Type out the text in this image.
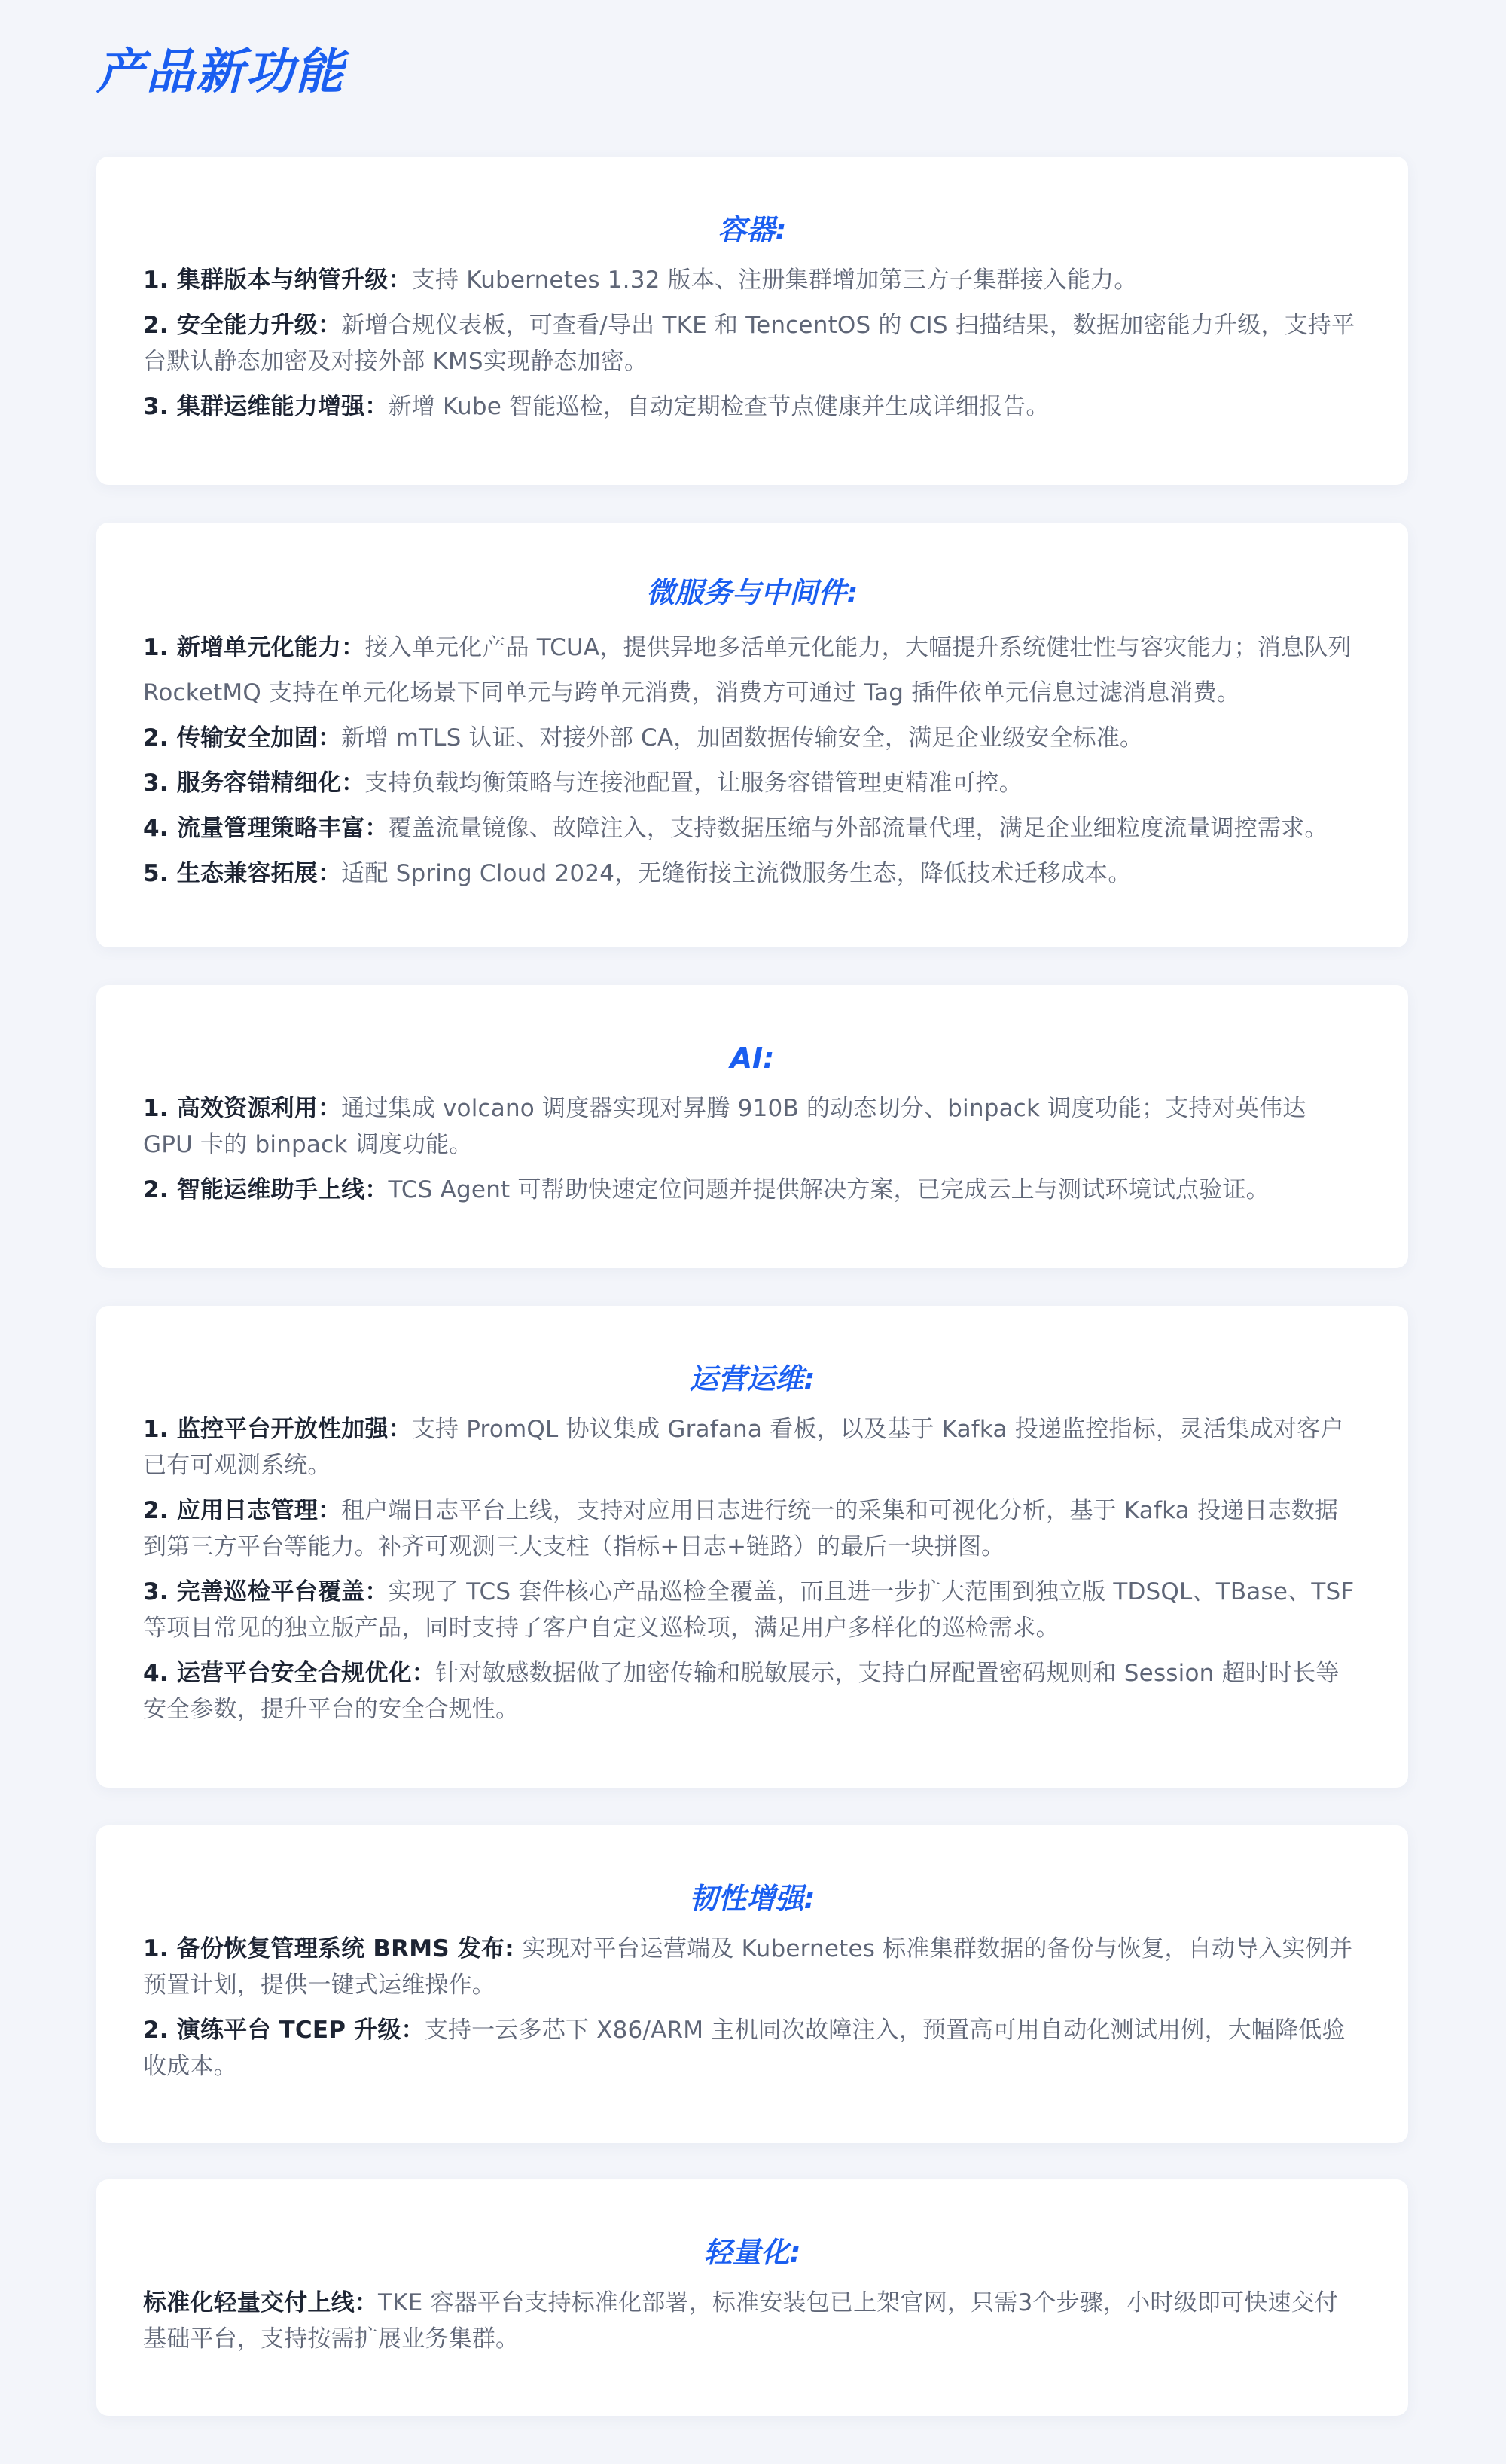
产品新功能
容器:
1. 集群版本与纳管升级：支持 Kubernetes 1.32 版本、注册集群增加第三方子集群接入能力。
2. 安全能力升级：新增合规仪表板，可查看/导出 TKE 和 TencentOS 的 CIS 扫描结果，数据加密能力升级，支持平台默认静态加密及对接外部 KMS实现静态加密。
3. 集群运维能力增强：新增 Kube 智能巡检，自动定期检查节点健康并生成详细报告。
微服务与中间件:
1. 新增单元化能力：接入单元化产品 TCUA，提供异地多活单元化能力，大幅提升系统健壮性与容灾能力；消息队列 RocketMQ 支持在单元化场景下同单元与跨单元消费，消费方可通过 Tag 插件依单元信息过滤消息消费。
2. 传输安全加固：新增 mTLS 认证、对接外部 CA，加固数据传输安全，满足企业级安全标准。
3. 服务容错精细化：支持负载均衡策略与连接池配置，让服务容错管理更精准可控。
4. 流量管理策略丰富：覆盖流量镜像、故障注入，支持数据压缩与外部流量代理，满足企业细粒度流量调控需求。
5. 生态兼容拓展：适配 Spring Cloud 2024，无缝衔接主流微服务生态，降低技术迁移成本。
AI:
1. 高效资源利用：通过集成 volcano 调度器实现对昇腾 910B 的动态切分、binpack 调度功能；支持对英伟达 GPU 卡的 binpack 调度功能。
2. 智能运维助手上线：TCS Agent 可帮助快速定位问题并提供解决方案，已完成云上与测试环境试点验证。
运营运维:
1. 监控平台开放性加强：支持 PromQL 协议集成 Grafana 看板，以及基于 Kafka 投递监控指标，灵活集成对客户已有可观测系统。
2. 应用日志管理：租户端日志平台上线，支持对应用日志进行统一的采集和可视化分析，基于 Kafka 投递日志数据到第三方平台等能力。补齐可观测三大支柱（指标+日志+链路）的最后一块拼图。
3. 完善巡检平台覆盖：实现了 TCS 套件核心产品巡检全覆盖，而且进一步扩大范围到独立版 TDSQL、TBase、TSF 等项目常见的独立版产品，同时支持了客户自定义巡检项，满足用户多样化的巡检需求。
4. 运营平台安全合规优化：针对敏感数据做了加密传输和脱敏展示，支持白屏配置密码规则和 Session 超时时长等安全参数，提升平台的安全合规性。
韧性增强:
1. 备份恢复管理系统 BRMS 发布: 实现对平台运营端及 Kubernetes 标准集群数据的备份与恢复，自动导入实例并预置计划，提供一键式运维操作。
2. 演练平台 TCEP 升级：支持一云多芯下 X86/ARM 主机同次故障注入，预置高可用自动化测试用例，大幅降低验收成本。
轻量化:
标准化轻量交付上线：TKE 容器平台支持标准化部署，标准安装包已上架官网，只需3个步骤，小时级即可快速交付基础平台，支持按需扩展业务集群。
